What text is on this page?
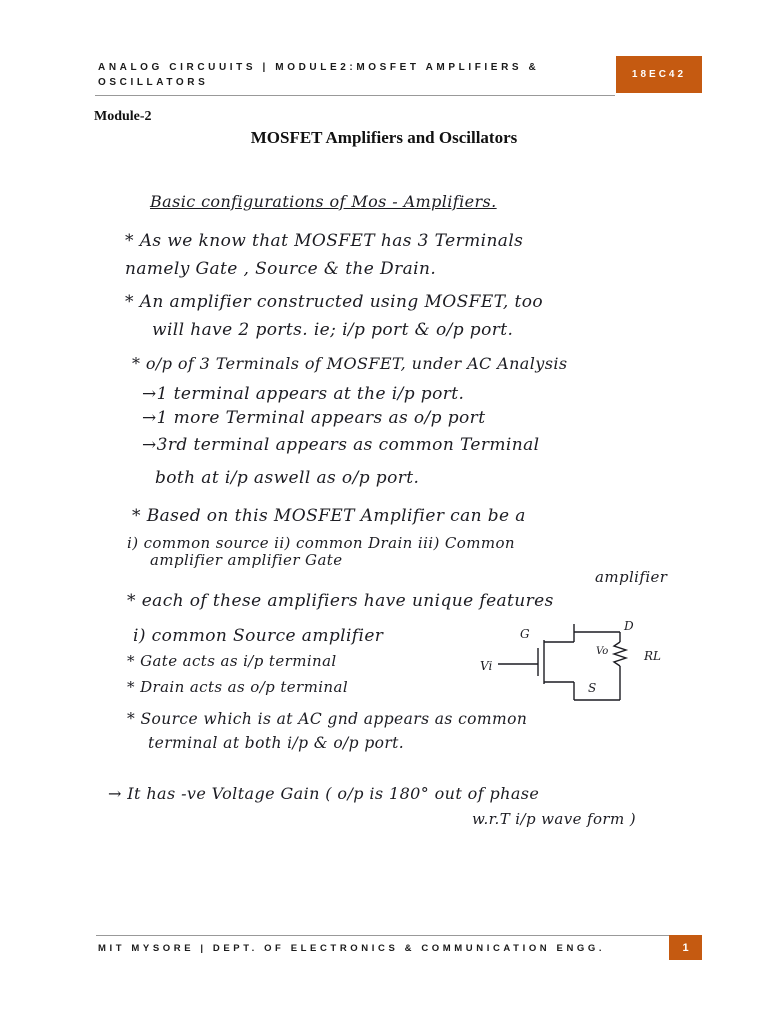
ANALOG CIRCUUITS | MODULE2:MOSFET AMPLIFIERS & OSCILLATORS
18EC42
Module-2
MOSFET Amplifiers and Oscillators
Basic configurations of Mos - Amplifiers.
* As we know that MOSFET has 3 Terminals
namely Gate , Source & the Drain.
* An amplifier constructed using MOSFET, too
will have 2 ports. ie; i/p port & o/p port.
* o/p of 3 Terminals of MOSFET, under AC Analysis
→1 terminal appears at the i/p port.
→1 more Terminal appears as o/p port
→3rd terminal appears as common Terminal
both at i/p aswell as o/p port.
* Based on this MOSFET Amplifier can be a
i) common source ii) common Drain iii) Common
amplifier amplifier Gate
amplifier
* each of these amplifiers have unique features
i) common Source amplifier
* Gate acts as i/p terminal
* Drain acts as o/p terminal
* Source which is at AC gnd appears as common
terminal at both i/p & o/p port.
→ It has -ve Voltage Gain ( o/p is 180° out of phase
w.r.T i/p wave form )
G
Vi
D
Vo	RL
S
MIT MYSORE | DEPT. OF ELECTRONICS & COMMUNICATION ENGG.	1
